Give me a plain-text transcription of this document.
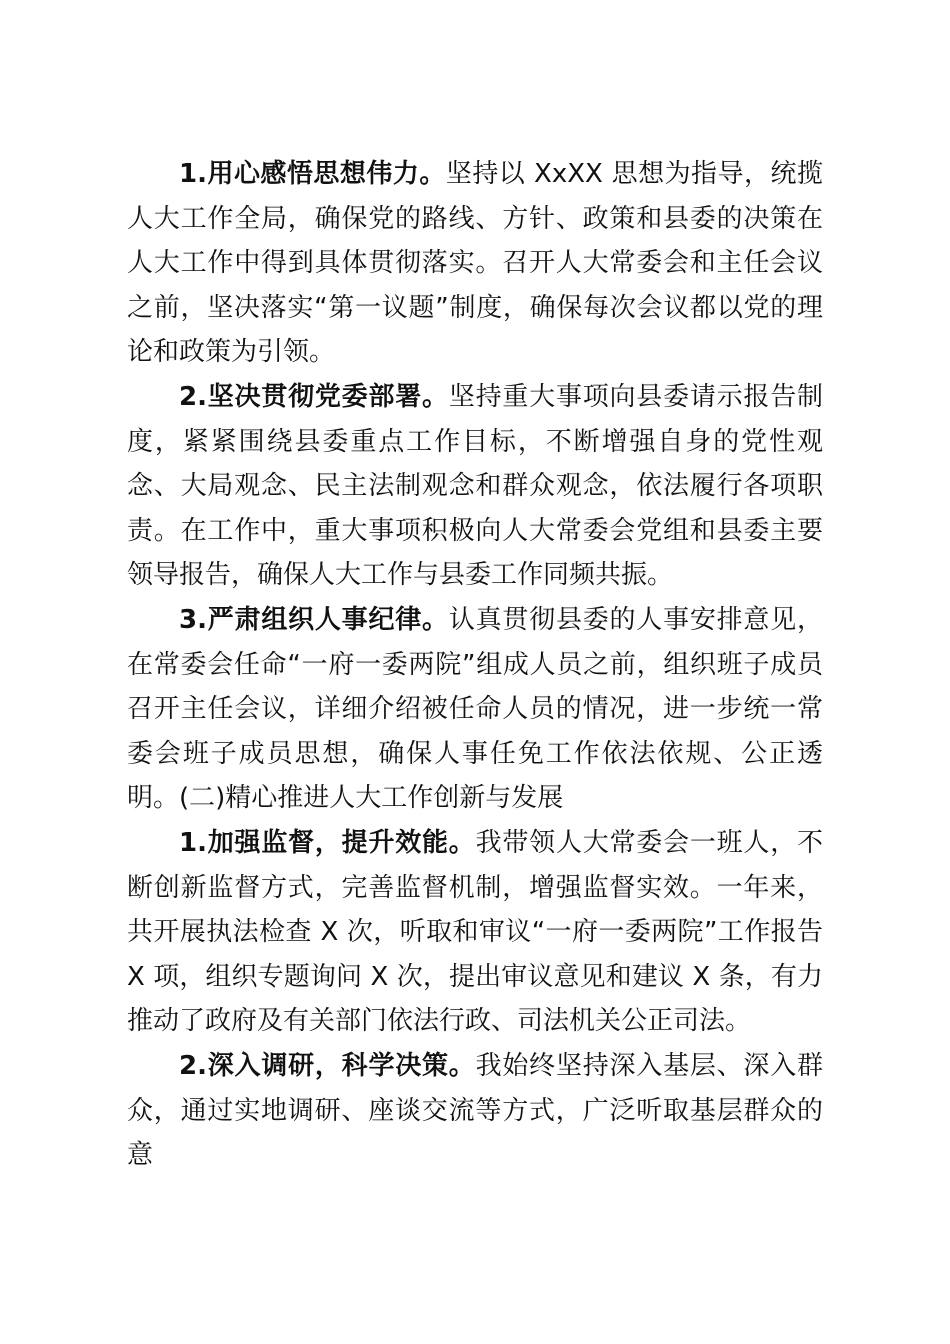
1.用心感悟思想伟力。坚持以 XxXX 思想为指导，统揽人大工作全局，确保党的路线、方针、政策和县委的决策在人大工作中得到具体贯彻落实。召开人大常委会和主任会议之前，坚决落实“第一议题”制度，确保每次会议都以党的理论和政策为引领。

2.坚决贯彻党委部署。坚持重大事项向县委请示报告制度，紧紧围绕县委重点工作目标，不断增强自身的党性观念、大局观念、民主法制观念和群众观念，依法履行各项职责。在工作中，重大事项积极向人大常委会党组和县委主要领导报告，确保人大工作与县委工作同频共振。

3.严肃组织人事纪律。认真贯彻县委的人事安排意见，在常委会任命“一府一委两院”组成人员之前，组织班子成员召开主任会议，详细介绍被任命人员的情况，进一步统一常委会班子成员思想，确保人事任免工作依法依规、公正透明。 (二)精心推进人大工作创新与发展

1.加强监督，提升效能。我带领人大常委会一班人，不断创新监督方式，完善监督机制，增强监督实效。一年来，共开展执法检查 X 次，听取和审议“一府一委两院”工作报告 X 项，组织专题询问 X 次，提出审议意见和建议 X 条，有力推动了政府及有关部门依法行政、司法机关公正司法。

2.深入调研，科学决策。我始终坚持深入基层、深入群众，通过实地调研、座谈交流等方式，广泛听取基层群众的意
